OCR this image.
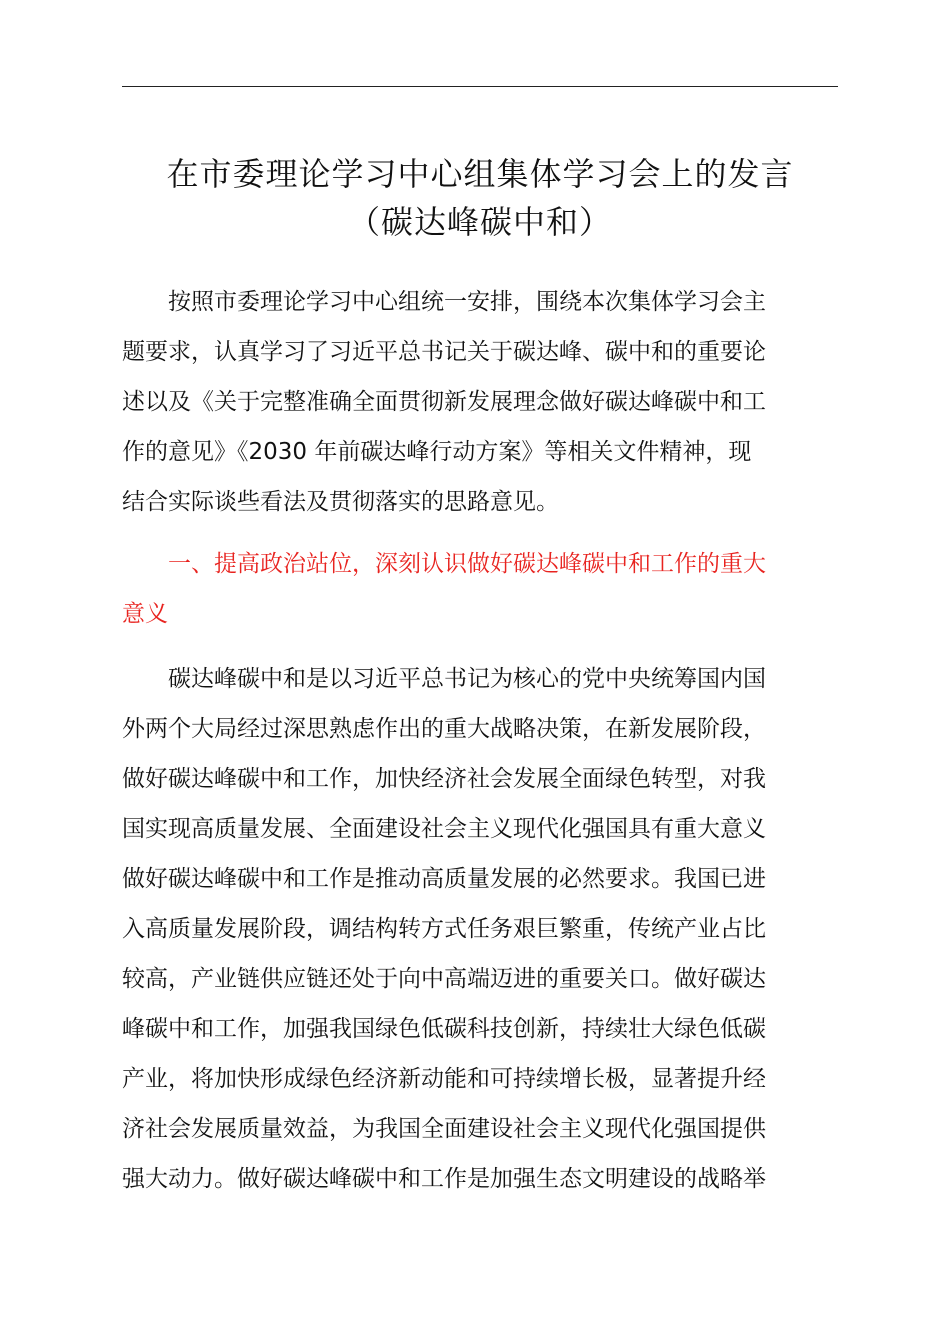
在市委理论学习中心组集体学习会上的发言
（碳达峰碳中和）

按照市委理论学习中心组统一安排，围绕本次集体学习会主
题要求，认真学习了习近平总书记关于碳达峰、碳中和的重要论
述以及《关于完整准确全面贯彻新发展理念做好碳达峰碳中和工
作的意见》《2030 年前碳达峰行动方案》等相关文件精神，现
结合实际谈些看法及贯彻落实的思路意见。

一、提高政治站位，深刻认识做好碳达峰碳中和工作的重大
意义

碳达峰碳中和是以习近平总书记为核心的党中央统筹国内国
外两个大局经过深思熟虑作出的重大战略决策，在新发展阶段，
做好碳达峰碳中和工作，加快经济社会发展全面绿色转型，对我
国实现高质量发展、全面建设社会主义现代化强国具有重大意义
做好碳达峰碳中和工作是推动高质量发展的必然要求。我国已进
入高质量发展阶段，调结构转方式任务艰巨繁重，传统产业占比
较高，产业链供应链还处于向中高端迈进的重要关口。做好碳达
峰碳中和工作，加强我国绿色低碳科技创新，持续壮大绿色低碳
产业，将加快形成绿色经济新动能和可持续增长极，显著提升经
济社会发展质量效益，为我国全面建设社会主义现代化强国提供
强大动力。做好碳达峰碳中和工作是加强生态文明建设的战略举
